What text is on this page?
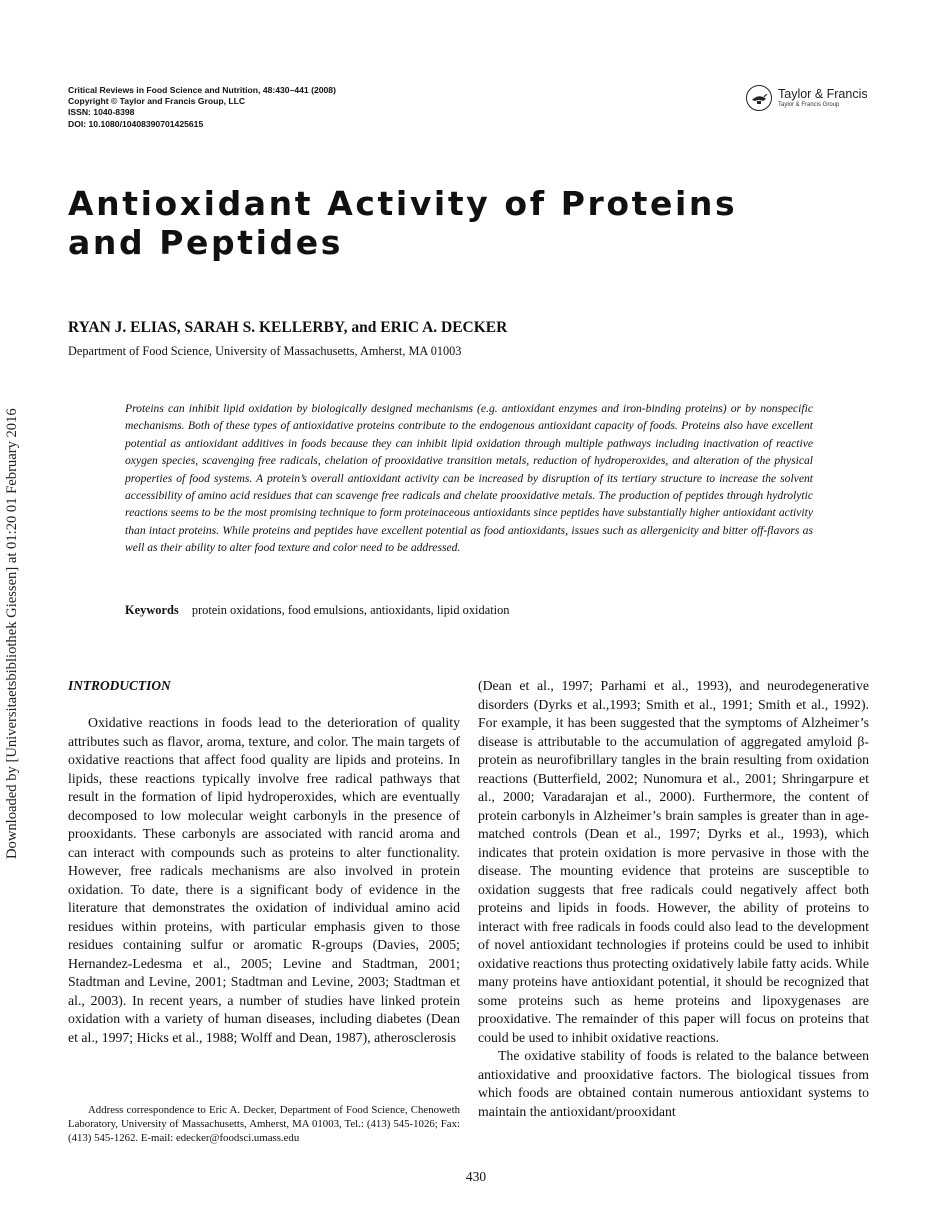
Critical Reviews in Food Science and Nutrition, 48:430–441 (2008)
Copyright © Taylor and Francis Group, LLC
ISSN: 1040-8398
DOI: 10.1080/10408390701425615
Taylor & Francis
Taylor & Francis Group
Antioxidant Activity of Proteins and Peptides
RYAN J. ELIAS, SARAH S. KELLERBY, and ERIC A. DECKER
Department of Food Science, University of Massachusetts, Amherst, MA 01003
Downloaded by [Universitaetsbibliothek Giessen] at 01:20 01 February 2016	Proteins can inhibit lipid oxidation by biologically designed mechanisms (e.g. antioxidant enzymes and iron-binding proteins) or by nonspecific mechanisms. Both of these types of antioxidative proteins contribute to the endogenous antioxidant capacity of foods. Proteins also have excellent potential as antioxidant additives in foods because they can inhibit lipid oxidation through multiple pathways including inactivation of reactive oxygen species, scavenging free radicals, chelation of prooxidative transition metals, reduction of hydroperoxides, and alteration of the physical properties of food systems. A protein’s overall antioxidant activity can be increased by disruption of its tertiary structure to increase the solvent accessibility of amino acid residues that can scavenge free radicals and chelate prooxidative metals. The production of peptides through hydrolytic reactions seems to be the most promising technique to form proteinaceous antioxidants since peptides have substantially higher antioxidant activity than intact proteins. While proteins and peptides have excellent potential as food antioxidants, issues such as allergenicity and bitter off-flavors as well as their ability to alter food texture and color need to be addressed.

Keywords protein oxidations, food emulsions, antioxidants, lipid oxidation
INTRODUCTION

Oxidative reactions in foods lead to the deterioration of quality attributes such as flavor, aroma, texture, and color. The main targets of oxidative reactions that affect food quality are lipids and proteins. In lipids, these reactions typically involve free radical pathways that result in the formation of lipid hydroperoxides, which are eventually decomposed to low molecular weight carbonyls in the presence of prooxidants. These carbonyls are associated with rancid aroma and can interact with compounds such as proteins to alter functionality. However, free radicals mechanisms are also involved in protein oxidation. To date, there is a significant body of evidence in the literature that demonstrates the oxidation of individual amino acid residues within proteins, with particular emphasis given to those residues containing sulfur or aromatic R-groups (Davies, 2005; Hernandez-Ledesma et al., 2005; Levine and Stadtman, 2001; Stadtman and Levine, 2001; Stadtman and Levine, 2003; Stadtman et al., 2003). In recent years, a number of studies have linked protein oxidation with a variety of human diseases, including diabetes (Dean et al., 1997; Hicks et al., 1988; Wolff and Dean, 1987), atherosclerosis

(Dean et al., 1997; Parhami et al., 1993), and neurodegenerative disorders (Dyrks et al.,1993; Smith et al., 1991; Smith et al., 1992). For example, it has been suggested that the symptoms of Alzheimer’s disease is attributable to the accumulation of aggregated amyloid β-protein as neurofibrillary tangles in the brain resulting from oxidation reactions (Butterfield, 2002; Nunomura et al., 2001; Shringarpure et al., 2000; Varadarajan et al., 2000). Furthermore, the content of protein carbonyls in Alzheimer’s brain samples is greater than in age-matched controls (Dean et al., 1997; Dyrks et al., 1993), which indicates that protein oxidation is more pervasive in those with the disease. The mounting evidence that proteins are susceptible to oxidation suggests that free radicals could negatively affect both proteins and lipids in foods. However, the ability of proteins to interact with free radicals in foods could also lead to the development of novel antioxidant technologies if proteins could be used to inhibit oxidative reactions thus protecting oxidatively labile fatty acids. While many proteins have antioxidant potential, it should be recognized that some proteins such as heme proteins and lipoxygenases are prooxidative. The remainder of this paper will focus on proteins that could be used to inhibit oxidative reactions.

The oxidative stability of foods is related to the balance between antioxidative and prooxidative factors. The biological tissues from which foods are obtained contain numerous antioxidant systems to maintain the antioxidant/prooxidant

Address correspondence to Eric A. Decker, Department of Food Science, Chenoweth Laboratory, University of Massachusetts, Amherst, MA 01003, Tel.: (413) 545-1026; Fax: (413) 545-1262. E-mail: edecker@foodsci.umass.edu

430
